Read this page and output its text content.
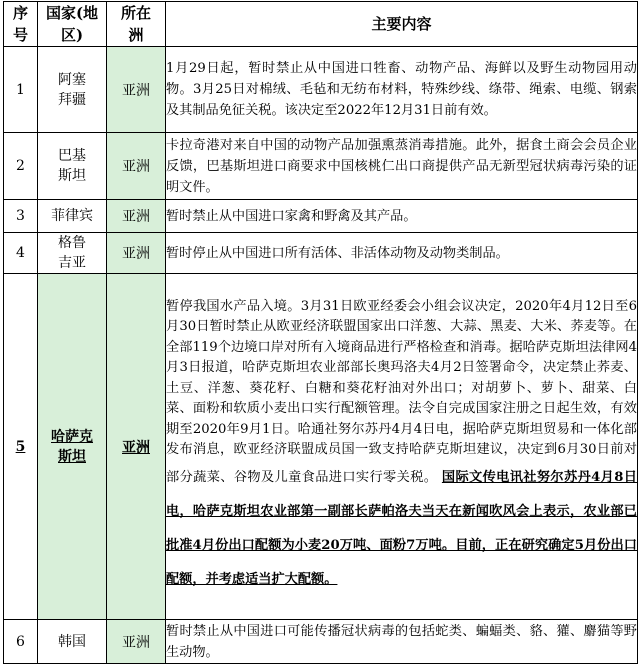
序号	国家(地区)	所在洲	主要内容
1	阿塞拜疆	亚洲	1月29日起，暂时禁止从中国进口牲畜、动物产品、海鲜以及野生动物园用动物。3月25日对棉绒、毛毡和无纺布材料，特殊纱线、绦带、绳索、电缆、钢索及其制品免征关税。该决定至2022年12月31日前有效。
2	巴基斯坦	亚洲	卡拉奇港对来自中国的动物产品加强熏蒸消毒措施。此外，据食土商会会员企业反馈，巴基斯坦进口商要求中国核桃仁出口商提供产品无新型冠状病毒污染的证明文件。
3	菲律宾	亚洲	暂时禁止从中国进口家禽和野禽及其产品。
4	格鲁吉亚	亚洲	暂时停止从中国进口所有活体、非活体动物及动物类制品。
5	哈萨克斯坦	亚洲	暂停我国水产品入境。3月31日欧亚经委会小组会议决定，2020年4月12日至6月30日暂时禁止从欧亚经济联盟国家出口洋葱、大蒜、黑麦、大米、荞麦等。在全部119个边境口岸对所有入境商品进行严格检查和消毒。据哈萨克斯坦法律网4月3日报道，哈萨克斯坦农业部部长奥玛洛夫4月2日签署命令，决定禁止荞麦、土豆、洋葱、葵花籽、白糖和葵花籽油对外出口；对胡萝卜、萝卜、甜菜、白菜、面粉和软质小麦出口实行配额管理。法令自完成国家注册之日起生效，有效期至2020年9月1日。哈通社努尔苏丹4月4日电，据哈萨克斯坦贸易和一体化部发布消息，欧亚经济联盟成员国一致支持哈萨克斯坦建议，决定到6月30日前对部分蔬菜、谷物及儿童食品进口实行零关税。 国际文传电讯社努尔苏丹4月8日电，哈萨克斯坦农业部第一副部长萨帕洛夫当天在新闻吹风会上表示，农业部已批准4月份出口配额为小麦20万吨、面粉7万吨。目前，正在研究确定5月份出口配额，并考虑适当扩大配额。
6	韩国	亚洲	暂时禁止从中国进口可能传播冠状病毒的包括蛇类、蝙蝠类、貉、獾、麝猫等野生动物。
